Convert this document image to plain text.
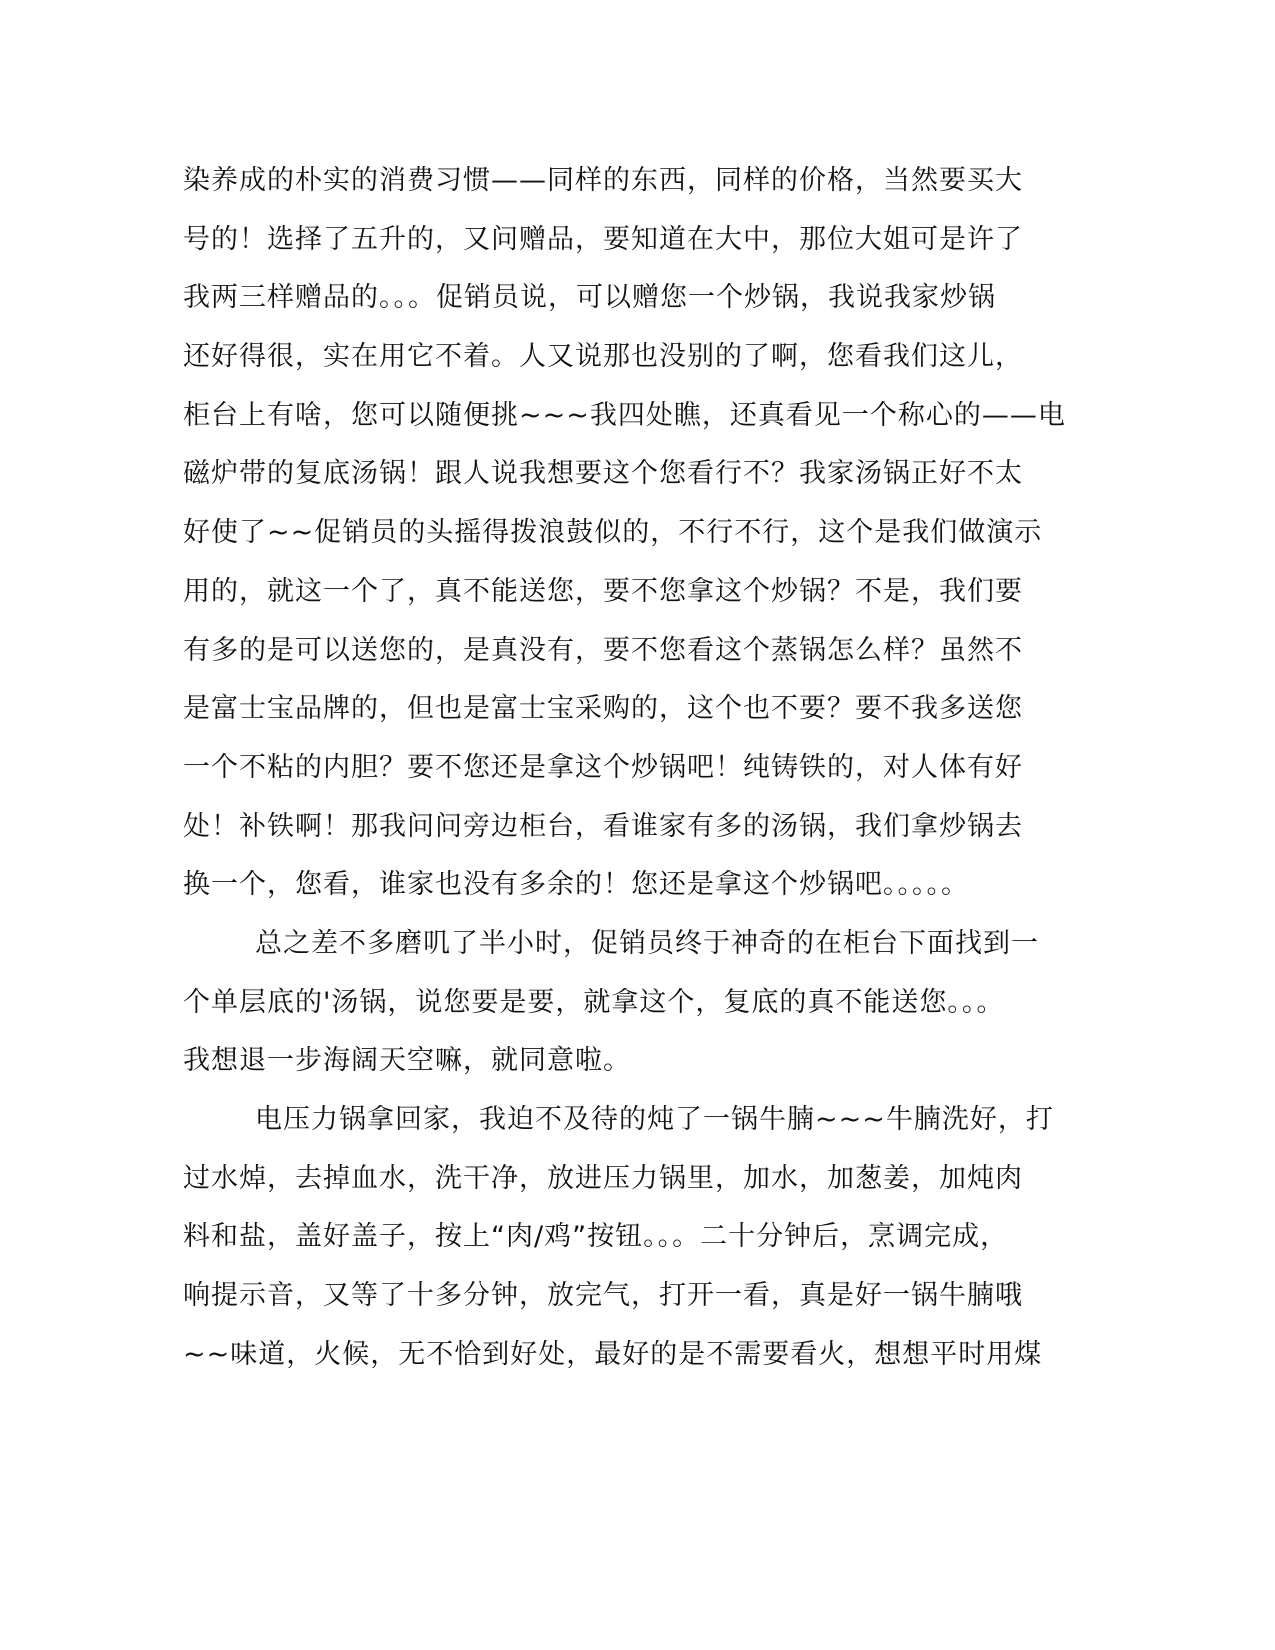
染养成的朴实的消费习惯——同样的东西，同样的价格，当然要买大
号的！选择了五升的，又问赠品，要知道在大中，那位大姐可是许了
我两三样赠品的。。。促销员说，可以赠您一个炒锅，我说我家炒锅
还好得很，实在用它不着。人又说那也没别的了啊，您看我们这儿，
柜台上有啥，您可以随便挑~~~我四处瞧，还真看见一个称心的——电
磁炉带的复底汤锅！跟人说我想要这个您看行不？我家汤锅正好不太
好使了~~促销员的头摇得拨浪鼓似的，不行不行，这个是我们做演示
用的，就这一个了，真不能送您，要不您拿这个炒锅？不是，我们要
有多的是可以送您的，是真没有，要不您看这个蒸锅怎么样？虽然不
是富士宝品牌的，但也是富士宝采购的，这个也不要？要不我多送您
一个不粘的内胆？要不您还是拿这个炒锅吧！纯铸铁的，对人体有好
处！补铁啊！那我问问旁边柜台，看谁家有多的汤锅，我们拿炒锅去
换一个，您看，谁家也没有多余的！您还是拿这个炒锅吧。。。。。
总之差不多磨叽了半小时，促销员终于神奇的在柜台下面找到一
个单层底的'汤锅，说您要是要，就拿这个，复底的真不能送您。。。
我想退一步海阔天空嘛，就同意啦。
电压力锅拿回家，我迫不及待的炖了一锅牛腩~~~牛腩洗好，打
过水焯，去掉血水，洗干净，放进压力锅里，加水，加葱姜，加炖肉
料和盐，盖好盖子，按上“肉/鸡”按钮。。。二十分钟后，烹调完成，
响提示音，又等了十多分钟，放完气，打开一看，真是好一锅牛腩哦
~~味道，火候，无不恰到好处，最好的是不需要看火，想想平时用煤
